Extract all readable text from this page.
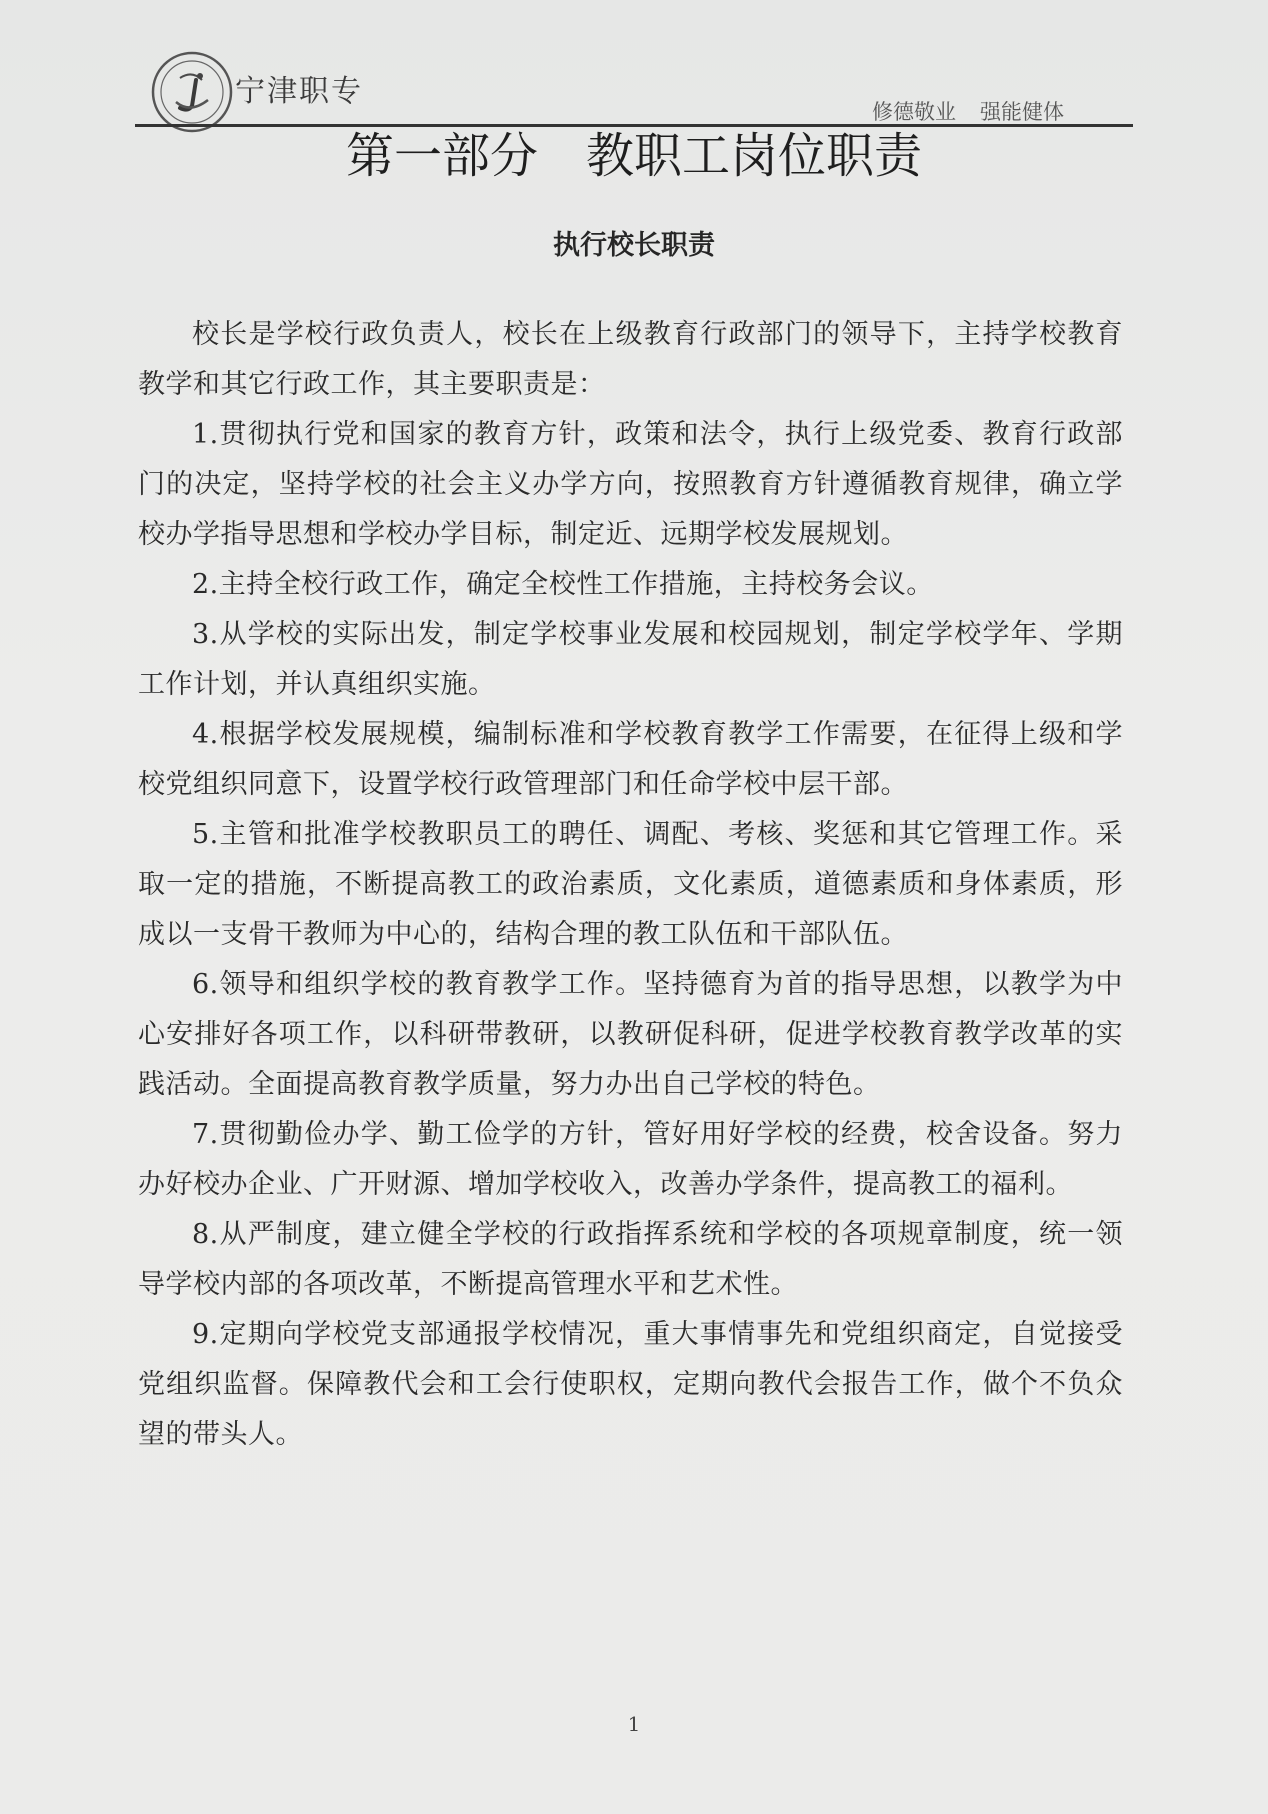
宁津职专
修德敬业 强能健体
第一部分　教职工岗位职责
执行校长职责

校长是学校行政负责人，校长在上级教育行政部门的领导下，主持学校教育教学和其它行政工作，其主要职责是：

1.贯彻执行党和国家的教育方针，政策和法令，执行上级党委、教育行政部门的决定，坚持学校的社会主义办学方向，按照教育方针遵循教育规律，确立学校办学指导思想和学校办学目标，制定近、远期学校发展规划。

2.主持全校行政工作，确定全校性工作措施，主持校务会议。

3.从学校的实际出发，制定学校事业发展和校园规划，制定学校学年、学期工作计划，并认真组织实施。

4.根据学校发展规模，编制标准和学校教育教学工作需要，在征得上级和学校党组织同意下，设置学校行政管理部门和任命学校中层干部。

5.主管和批准学校教职员工的聘任、调配、考核、奖惩和其它管理工作。采取一定的措施，不断提高教工的政治素质，文化素质，道德素质和身体素质，形成以一支骨干教师为中心的，结构合理的教工队伍和干部队伍。

6.领导和组织学校的教育教学工作。坚持德育为首的指导思想，以教学为中心安排好各项工作，以科研带教研，以教研促科研，促进学校教育教学改革的实践活动。全面提高教育教学质量，努力办出自己学校的特色。

7.贯彻勤俭办学、勤工俭学的方针，管好用好学校的经费，校舍设备。努力办好校办企业、广开财源、增加学校收入，改善办学条件，提高教工的福利。

8.从严制度，建立健全学校的行政指挥系统和学校的各项规章制度，统一领导学校内部的各项改革，不断提高管理水平和艺术性。

9.定期向学校党支部通报学校情况，重大事情事先和党组织商定，自觉接受党组织监督。保障教代会和工会行使职权，定期向教代会报告工作，做个不负众望的带头人。

1
